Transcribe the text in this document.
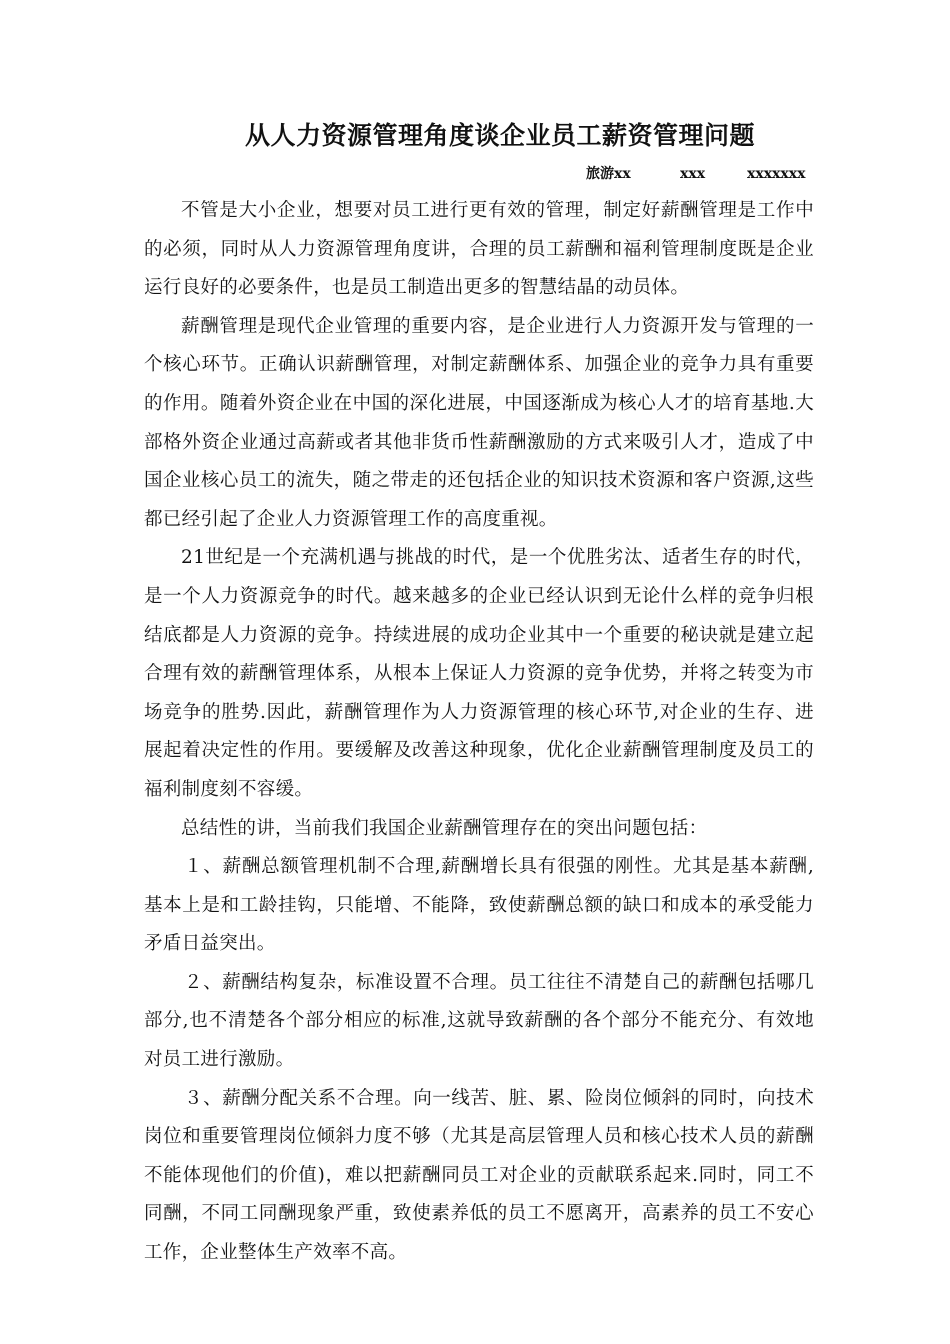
从人力资源管理角度谈企业员工薪资管理问题
旅游xx	xxx	xxxxxxx

不管是大小企业，想要对员工进行更有效的管理，制定好薪酬管理是工作中的必须，同时从人力资源管理角度讲，合理的员工薪酬和福利管理制度既是企业运行良好的必要条件，也是员工制造出更多的智慧结晶的动员体。

薪酬管理是现代企业管理的重要内容，是企业进行人力资源开发与管理的一个核心环节。正确认识薪酬管理，对制定薪酬体系、加强企业的竞争力具有重要的作用。随着外资企业在中国的深化进展，中国逐渐成为核心人才的培育基地.大部格外资企业通过高薪或者其他非货币性薪酬激励的方式来吸引人才，造成了中国企业核心员工的流失，随之带走的还包括企业的知识技术资源和客户资源,这些都已经引起了企业人力资源管理工作的高度重视。

21世纪是一个充满机遇与挑战的时代，是一个优胜劣汰、适者生存的时代，是一个人力资源竞争的时代。越来越多的企业已经认识到无论什么样的竞争归根结底都是人力资源的竞争。持续进展的成功企业其中一个重要的秘诀就是建立起合理有效的薪酬管理体系，从根本上保证人力资源的竞争优势，并将之转变为市场竞争的胜势.因此，薪酬管理作为人力资源管理的核心环节,对企业的生存、进展起着决定性的作用。要缓解及改善这种现象，优化企业薪酬管理制度及员工的福利制度刻不容缓。

总结性的讲，当前我们我国企业薪酬管理存在的突出问题包括：

１、薪酬总额管理机制不合理,薪酬增长具有很强的刚性。尤其是基本薪酬,基本上是和工龄挂钩，只能增、不能降，致使薪酬总额的缺口和成本的承受能力矛盾日益突出。

２、薪酬结构复杂，标准设置不合理。员工往往不清楚自己的薪酬包括哪几部分,也不清楚各个部分相应的标准,这就导致薪酬的各个部分不能充分、有效地对员工进行激励。

３、薪酬分配关系不合理。向一线苦、脏、累、险岗位倾斜的同时，向技术岗位和重要管理岗位倾斜力度不够（尤其是高层管理人员和核心技术人员的薪酬不能体现他们的价值)，难以把薪酬同员工对企业的贡献联系起来.同时，同工不同酬，不同工同酬现象严重，致使素养低的员工不愿离开，高素养的员工不安心工作，企业整体生产效率不高。
